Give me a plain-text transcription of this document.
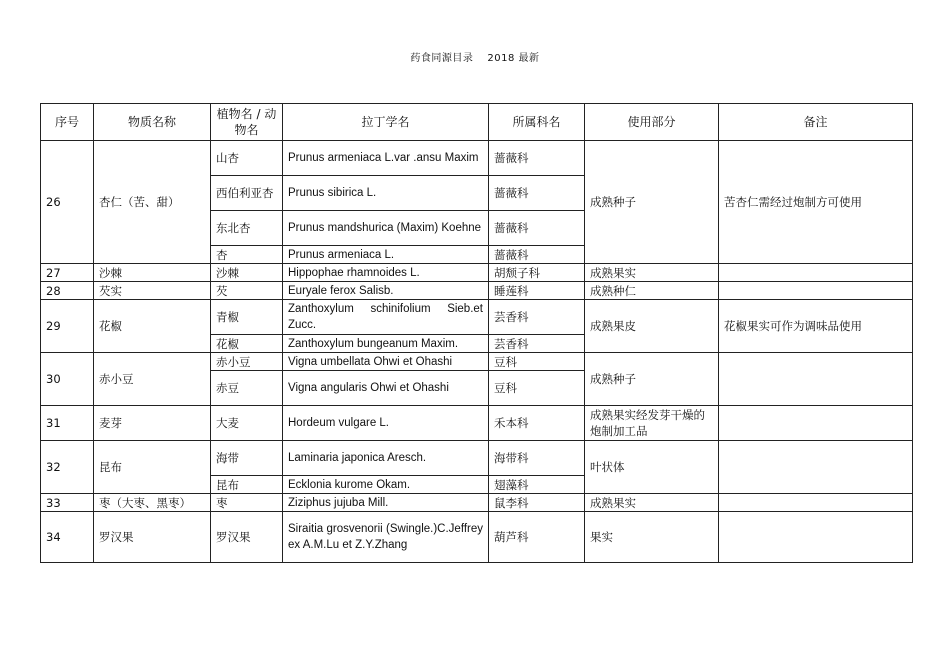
药食同源目录 2018 最新
序号	物质名称	植物名 / 动物名	拉丁学名	所属科名	使用部分	备注
26	杏仁（苦、甜）	山杏	Prunus armeniaca L.var .ansu Maxim	蔷薇科	成熟种子	苦杏仁需经过炮制方可使用
		西伯利亚杏	Prunus sibirica L.	蔷薇科		
		东北杏	Prunus mandshurica (Maxim) Koehne	蔷薇科		
		杏	Prunus armeniaca L.	蔷薇科		
27	沙棘	沙棘	Hippophae rhamnoides L.	胡颓子科	成熟果实	
28	芡实	芡	Euryale ferox Salisb.	睡莲科	成熟种仁	
29	花椒	青椒	Zanthoxylum schinifolium Sieb.et Zucc.	芸香科	成熟果皮	花椒果实可作为调味品使用
		花椒	Zanthoxylum bungeanum Maxim.	芸香科		
30	赤小豆	赤小豆	Vigna umbellata Ohwi et Ohashi	豆科	成熟种子	
		赤豆	Vigna angularis Ohwi et Ohashi	豆科		
31	麦芽	大麦	Hordeum vulgare L.	禾本科	成熟果实经发芽干燥的炮制加工品	
32	昆布	海带	Laminaria japonica Aresch.	海带科	叶状体	
		昆布	Ecklonia kurome Okam.	翅藻科		
33	枣（大枣、黑枣）	枣	Ziziphus jujuba Mill.	鼠李科	成熟果实	
34	罗汉果	罗汉果	Siraitia grosvenorii (Swingle.)C.Jeffrey ex A.M.Lu et Z.Y.Zhang	葫芦科	果实	
